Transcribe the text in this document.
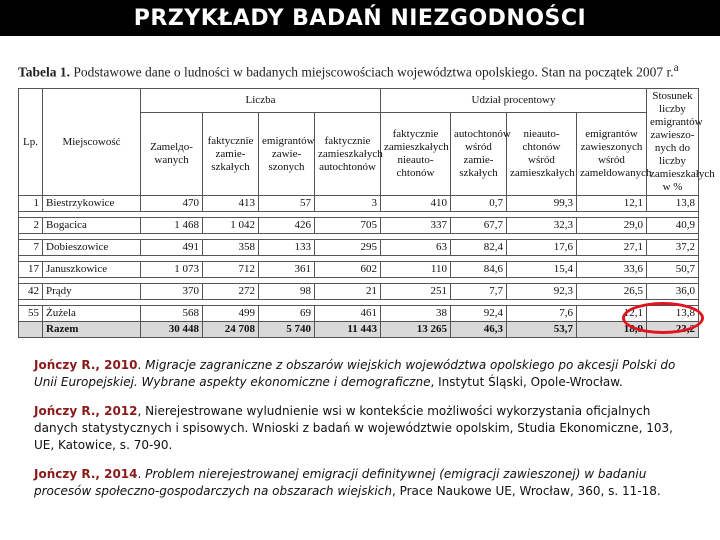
PRZYKŁADY BADAŃ NIEZGODNOŚCI
Tabela 1. Podstawowe dane o ludności w badanych miejscowościach województwa opolskiego. Stan na początek 2007 r.$^a$
Lp.	Miejscowość	Liczba				Udział procentowy				Stosunek liczby emigrantów zawieszo-nych do liczby zamieszkałych w %
		Zamelдо-wanych	faktycznie zamie-szkałych	emigrantów zawie-szonych	faktycznie zamieszkałych autochtonów	faktycznie zamieszkałych nieauto-chtonów	autochtonów wśród zamie-szkałych	nieauto-chtonów wśród zamieszkałych	emigrantów zawieszonych wśród zameldowanych	
1	Biestrzykowice	470	413	57	3	410	0,7	99,3	12,1	13,8

2	Bogacica	1 468	1 042	426	705	337	67,7	32,3	29,0	40,9

7	Dobieszowice	491	358	133	295	63	82,4	17,6	27,1	37,2

17	Januszkowice	1 073	712	361	602	110	84,6	15,4	33,6	50,7

42	Prądy	370	272	98	21	251	7,7	92,3	26,5	36,0

55	Żużela	568	499	69	461	38	92,4	7,6	12,1	13,8
	Razem	30 448	24 708	5 740	11 443	13 265	46,3	53,7	18,9	23,2
Jończy R., 2010. Migracje zagraniczne z obszarów wiejskich województwa opolskiego po akcesji Polski do Unii Europejskiej. Wybrane aspekty ekonomiczne i demograficzne, Instytut Śląski, Opole-Wrocław.
Jończy R., 2012, Nierejestrowane wyludnienie wsi w kontekście możliwości wykorzystania oficjalnych danych statystycznych i spisowych. Wnioski z badań w województwie opolskim, Studia Ekonomiczne, 103, UE, Katowice, s. 70-90.
Jończy R., 2014. Problem nierejestrowanej emigracji definitywnej (emigracji zawieszonej) w badaniu procesów społeczno-gospodarczych na obszarach wiejskich, Prace Naukowe UE, Wrocław, 360, s. 11-18.
